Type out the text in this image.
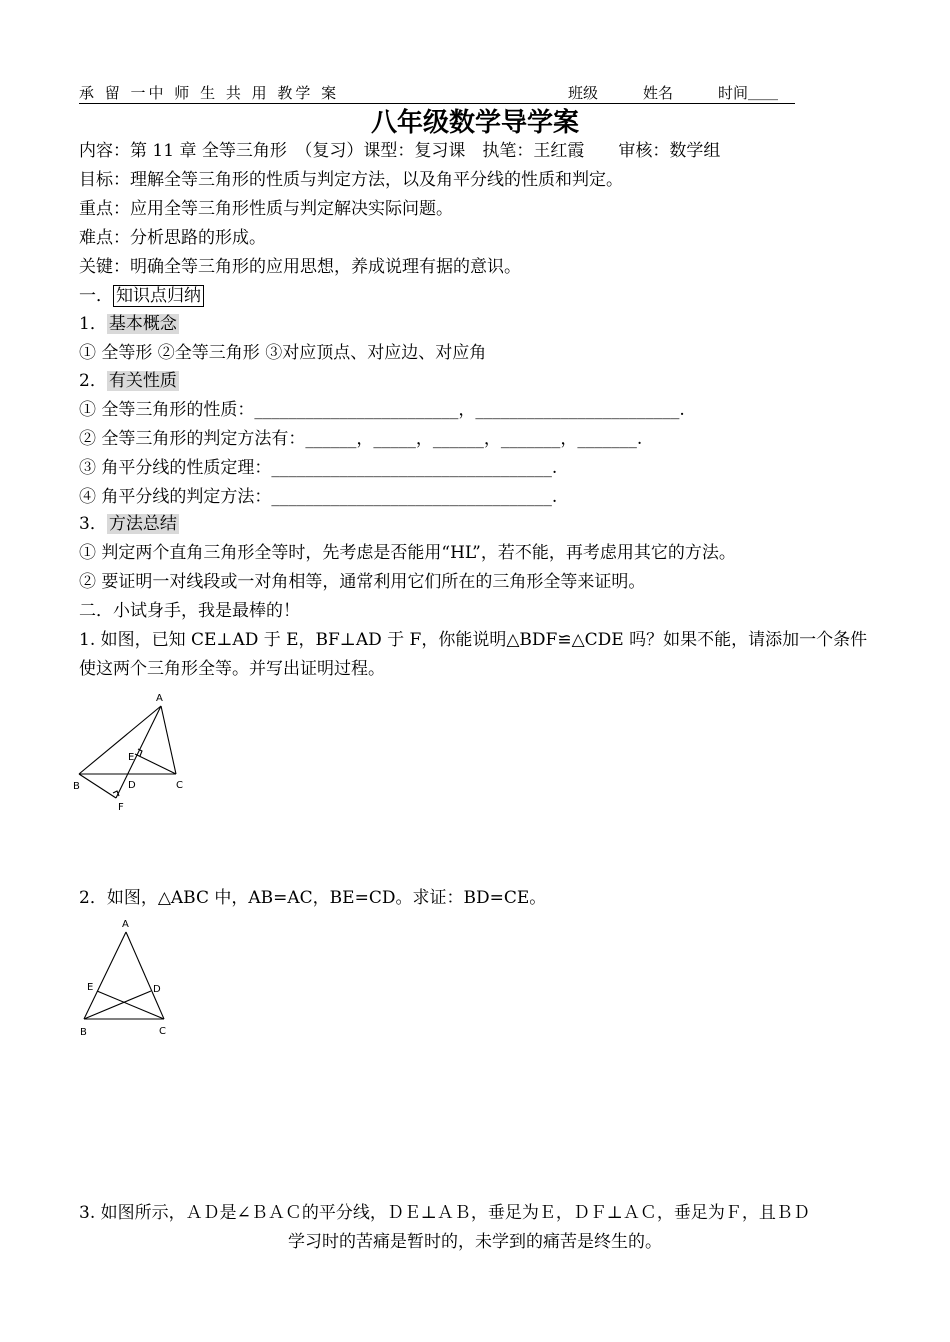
承 留 一中 师 生 共 用 教学 案	班级　　　姓名　　　时间＿＿
八年级数学导学案
内容：第 11 章 全等三角形　（复习）课型：复习课　执笔：王红霞　　审核：数学组
目标：理解全等三角形的性质与判定方法，以及角平分线的性质和判定。
重点：应用全等三角形性质与判定解决实际问题。
难点：分析思路的形成。
关键：明确全等三角形的应用思想，养成说理有据的意识。
一． 知识点归纳
1． 基本概念
① 全等形 ②全等三角形 ③对应顶点、对应边、对应角
2． 有关性质
① 全等三角形的性质：________________________，________________________.
② 全等三角形的判定方法有：______，_____，______，_______，_______.
③ 角平分线的性质定理：_________________________________.
④ 角平分线的判定方法：_________________________________.
3． 方法总结
① 判定两个直角三角形全等时，先考虑是否能用“HL”，若不能，再考虑用其它的方法。
② 要证明一对线段或一对角相等，通常利用它们所在的三角形全等来证明。
二．小试身手，我是最棒的！
1. 如图，已知 CE⊥AD 于 E，BF⊥AD 于 F，你能说明△BDF≌△CDE 吗？如果不能，请添加一个条件
使这两个三角形全等。并写出证明过程。
A
B	C
D
E
F
2．如图，△ABC 中，AB=AC，BE=CD。求证：BD=CE。
A
B	C
D
E
3. 如图所示，ＡＤ是∠ＢＡＣ的平分线，ＤＥ⊥ＡＢ，垂足为Ｅ，ＤＦ⊥ＡＣ，垂足为Ｆ，且ＢＤ
学习时的苦痛是暂时的，未学到的痛苦是终生的。
